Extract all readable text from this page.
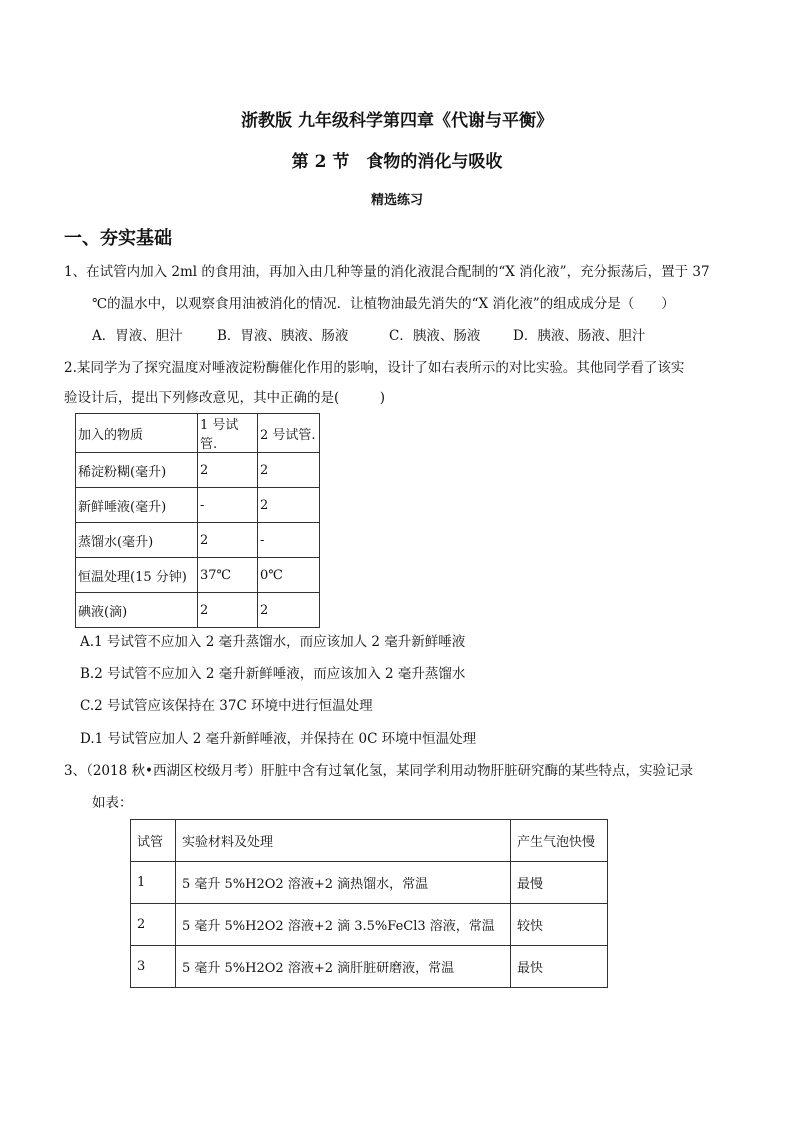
浙教版 九年级科学第四章《代谢与平衡》
第 2 节　食物的消化与吸收
精选练习
一、夯实基础
1、在试管内加入 2ml 的食用油，再加入由几种等量的消化液混合配制的“X 消化液”，充分振荡后，置于 37
℃的温水中，以观察食用油被消化的情况．让植物油最先消失的“X 消化液”的组成成分是（　　）
A．胃液、胆汁	B．胃液、胰液、肠液	C．胰液、肠液 D．胰液、肠液、胆汁
2.某同学为了探究温度对唾液淀粉酶催化作用的影响，设计了如右表所示的对比实验。其他同学看了该实
验设计后，提出下列修改意见，其中正确的是(　　　)
加入的物质	1 号试管.	2 号试管.
稀淀粉糊(毫升)	2	2
新鲜唾液(毫升)	-	2
蒸馏水(毫升)	2	-
恒温处理(15 分钟)	37℃	0℃
碘液(滴)	2	2
A.1 号试管不应加入 2 毫升蒸馏水，而应该加人 2 毫升新鲜唾液
B.2 号试管不应加入 2 毫升新鲜唾液，而应该加入 2 毫升蒸馏水
C.2 号试管应该保持在 37C 环境中进行恒温处理
D.1 号试管应加人 2 毫升新鲜唾液，并保持在 0C 环境中恒温处理
3、（2018 秋•西湖区校级月考）肝脏中含有过氧化氢，某同学利用动物肝脏研究酶的某些特点，实验记录
如表：
试管	实验材料及处理	产生气泡快慢
1	5 毫升 5%H2O2 溶液+2 滴热馏水，常温	最慢
2	5 毫升 5%H2O2 溶液+2 滴 3.5%FeCl3 溶液，常温	较快
3	5 毫升 5%H2O2 溶液+2 滴肝脏研磨液，常温	最快
